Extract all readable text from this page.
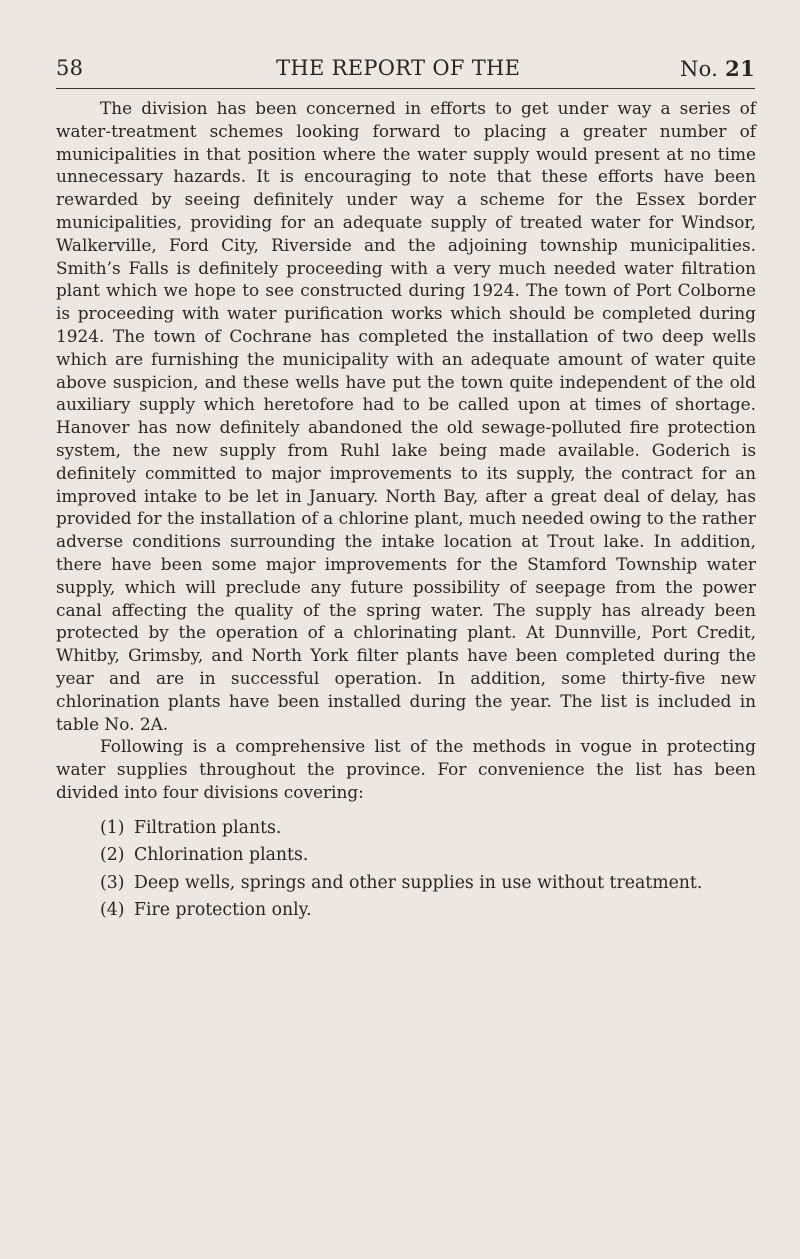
58	THE REPORT OF THE	No. 21

The division has been concerned in efforts to get under way a series of water-treatment schemes looking forward to placing a greater number of municipalities in that position where the water supply would present at no time unnecessary hazards. It is encouraging to note that these efforts have been rewarded by seeing definitely under way a scheme for the Essex border municipalities, providing for an adequate supply of treated water for Windsor, Walkerville, Ford City, Riverside and the adjoining township municipalities. Smith’s Falls is definitely proceeding with a very much needed water filtration plant which we hope to see constructed during 1924. The town of Port Colborne is proceeding with water purification works which should be completed during 1924. The town of Cochrane has completed the installation of two deep wells which are furnishing the municipality with an adequate amount of water quite above suspicion, and these wells have put the town quite independent of the old auxiliary supply which heretofore had to be called upon at times of shortage. Hanover has now definitely abandoned the old sewage-polluted fire protection system, the new supply from Ruhl lake being made available. Goderich is definitely committed to major improvements to its supply, the contract for an improved intake to be let in January. North Bay, after a great deal of delay, has provided for the installation of a chlorine plant, much needed owing to the rather adverse conditions surrounding the intake location at Trout lake. In addition, there have been some major improvements for the Stamford Township water supply, which will preclude any future possibility of seepage from the power canal affecting the quality of the spring water. The supply has already been protected by the operation of a chlorinating plant. At Dunnville, Port Credit, Whitby, Grimsby, and North York filter plants have been completed during the year and are in successful operation. In addition, some thirty-five new chlorination plants have been installed during the year. The list is included in table No. 2A.

Following is a comprehensive list of the methods in vogue in protecting water supplies throughout the province. For convenience the list has been divided into four divisions covering:

(1) Filtration plants.
(2) Chlorination plants.
(3) Deep wells, springs and other supplies in use without treatment.
(4) Fire protection only.
